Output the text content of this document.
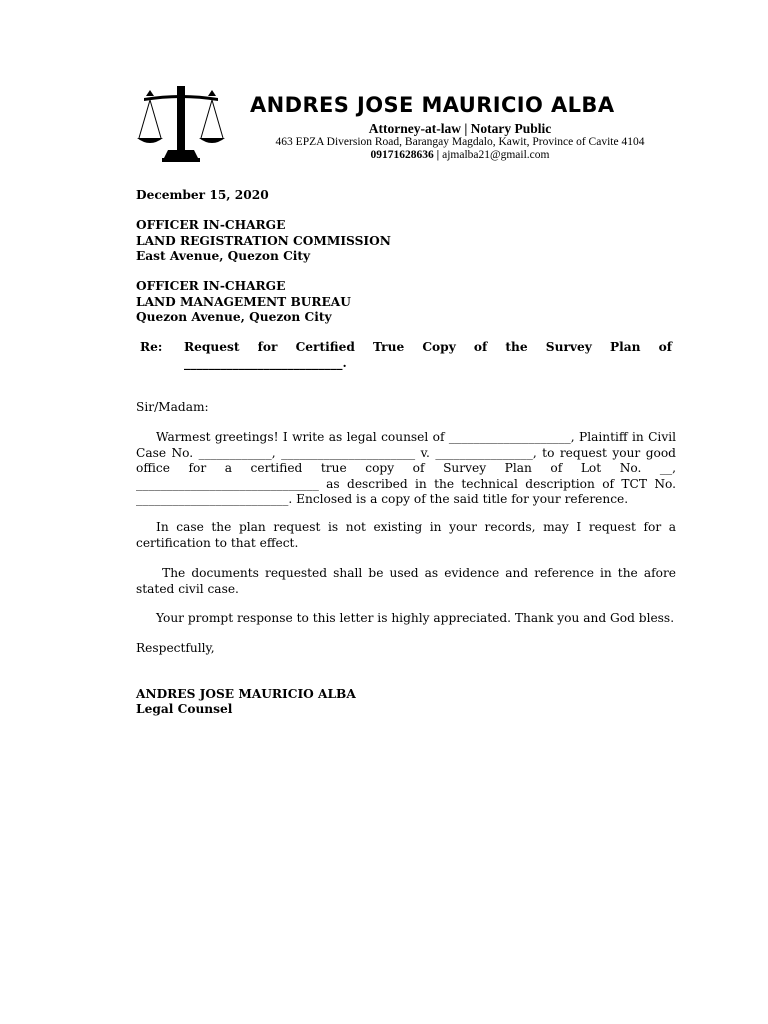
ANDRES JOSE MAURICIO ALBA
Attorney-at-law | Notary Public
463 EPZA Diversion Road, Barangay Magdalo, Kawit, Province of Cavite 4104
09171628636 | ajmalba21@gmail.com
December 15, 2020
OFFICER IN-CHARGE
LAND REGISTRATION COMMISSION
East Avenue, Quezon City
OFFICER IN-CHARGE
LAND MANAGEMENT BUREAU
Quezon Avenue, Quezon City
Re: Request for Certified True Copy of the Survey Plan of
__________________________.
Sir/Madam:

Warmest greetings! I write as legal counsel of ____________________, Plaintiff in Civil Case No. ____________, ______________________ v. ________________, to request your good office for a certified true copy of Survey Plan of Lot No. __, ______________________________ as described in the technical description of TCT No. _________________________. Enclosed is a copy of the said title for your reference.

In case the plan request is not existing in your records, may I request for a certification to that effect.

The documents requested shall be used as evidence and reference in the afore stated civil case.

Your prompt response to this letter is highly appreciated. Thank you and God bless.

Respectfully,
ANDRES JOSE MAURICIO ALBA
Legal Counsel
